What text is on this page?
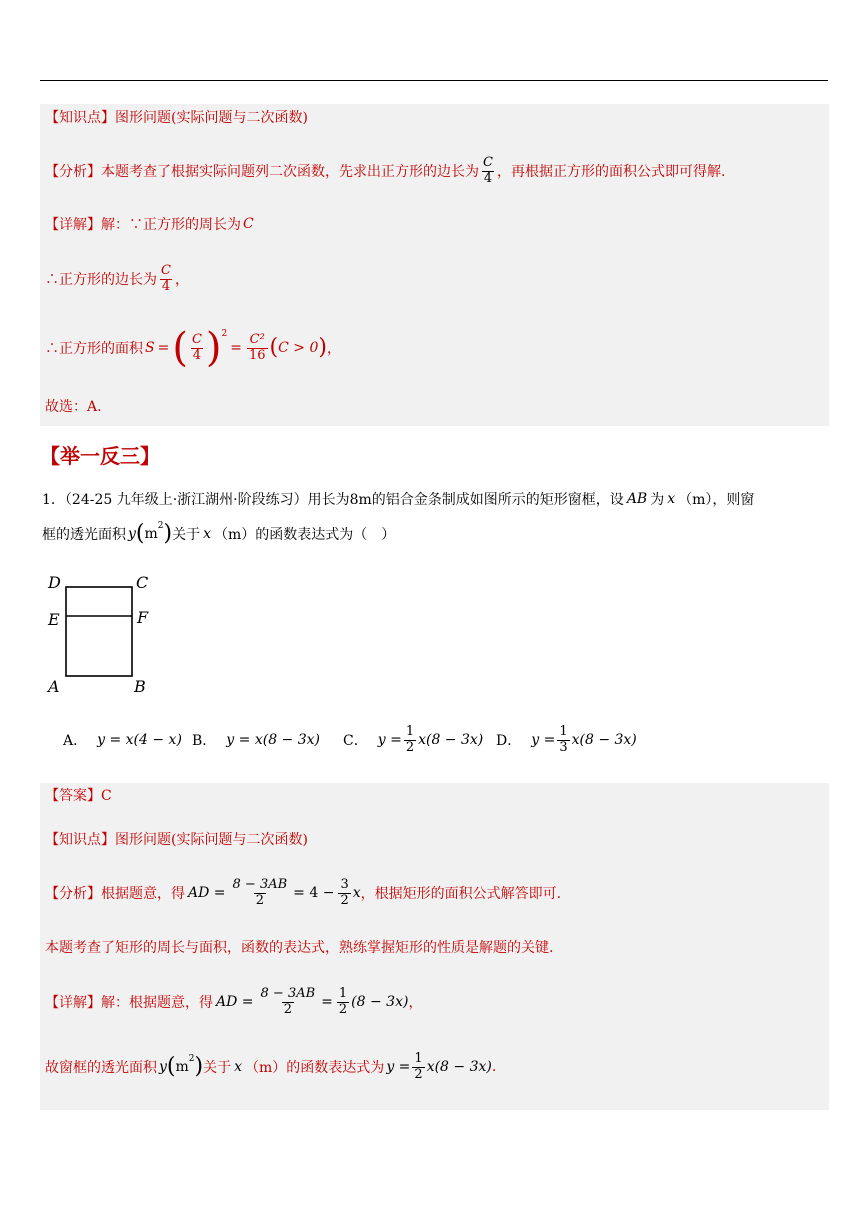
【知识点】图形问题(实际问题与二次函数)
【分析】本题考查了根据实际问题列二次函数，先求出正方形的边长为 $\frac{C}{4}$ ，再根据正方形的面积公式即可得解.
【详解】解：∵正方形的周长为 C
∴正方形的边长为 $\frac{C}{4}$ ，
∴正方形的面积 S = ( $\frac{C}{4}$ ) 2
= $\frac{\text{C²}}{16}$ ( C > 0 ) ，
故选：A.
【举一反三】
1．（24-25 九年级上·浙江湖州·阶段练习）用长为8m的铝合金条制成如图所示的矩形窗框，设 AB 为 x （m），则窗
框的透光面积 y ( m 2 ) 关于 x （m）的函数表达式为（　）
D	C
E	F
A	B
A． y = x(4 − x) B． y = x(8 − 3x) C． $y = \frac{1}{2} x(8 - 3x)$ D． $y = \frac{1}{3} x(8 - 3x)$
【答案】C
【知识点】图形问题(实际问题与二次函数)
【分析】根据题意，得 AD = $\frac{8 - 3AB}{2} = 4 - \frac{3}{2}$ x ，根据矩形的面积公式解答即可.
本题考查了矩形的周长与面积，函数的表达式，熟练掌握矩形的性质是解题的关键.
【详解】解：根据题意，得 AD = $\frac{8 - 3AB}{2} = \frac{1}{2} (8 - 3x)$ ，
故窗框的透光面积 y ( m 2 ) 关于 x （m）的函数表达式为 $y = \frac{1}{2} x(8 - 3x)$ .
